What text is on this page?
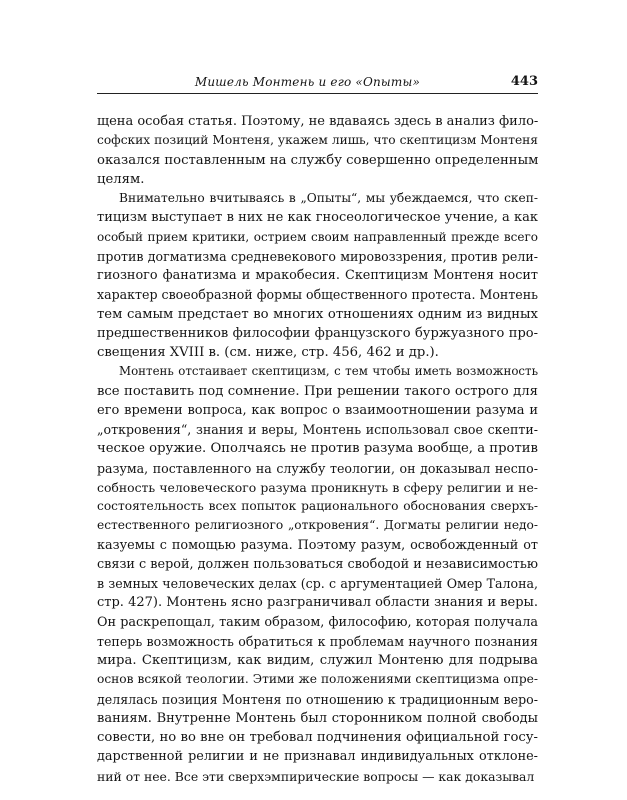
Мишель Монтень и его «Опыты»	443
щена особая статья. Поэтому, не вдаваясь здесь в анализ фило-
софских позиций Монтеня, укажем лишь, что скептицизм Монтеня
оказался поставленным на службу совершенно определенным
целям.
Внимательно вчитываясь в „Опыты“, мы убеждаемся, что скеп-
тицизм выступает в них не как гносеологическое учение, а как
особый прием критики, острием своим направленный прежде всего
против догматизма средневекового мировоззрения, против рели-
гиозного фанатизма и мракобесия. Скептицизм Монтеня носит
характер своеобразной формы общественного протеста. Монтень
тем самым предстает во многих отношениях одним из видных
предшественников философии французского буржуазного про-
свещения XVIII в. (см. ниже, стр. 456, 462 и др.).
Монтень отстаивает скептицизм, с тем чтобы иметь возможность
все поставить под сомнение. При решении такого острого для
его времени вопроса, как вопрос о взаимоотношении разума и
„откровения“, знания и веры, Монтень использовал свое скепти-
ческое оружие. Ополчаясь не против разума вообще, а против
разума, поставленного на службу теологии, он доказывал неспо-
собность человеческого разума проникнуть в сферу религии и не-
состоятельность всех попыток рационального обоснования сверхъ-
естественного религиозного „откровения“. Догматы религии недо-
казуемы с помощью разума. Поэтому разум, освобожденный от
связи с верой, должен пользоваться свободой и независимостью
в земных человеческих делах (ср. с аргументацией Омер Талона,
стр. 427). Монтень ясно разграничивал области знания и веры.
Он раскрепощал, таким образом, философию, которая получала
теперь возможность обратиться к проблемам научного познания
мира. Скептицизм, как видим, служил Монтеню для подрыва
основ всякой теологии. Этими же положениями скептицизма опре-
делялась позиция Монтеня по отношению к традиционным веро-
ваниям. Внутренне Монтень был сторонником полной свободы
совести, но во вне он требовал подчинения официальной госу-
дарственной религии и не признавал индивидуальных отклоне-
ний от нее. Все эти сверхэмпирические вопросы — как доказывал
